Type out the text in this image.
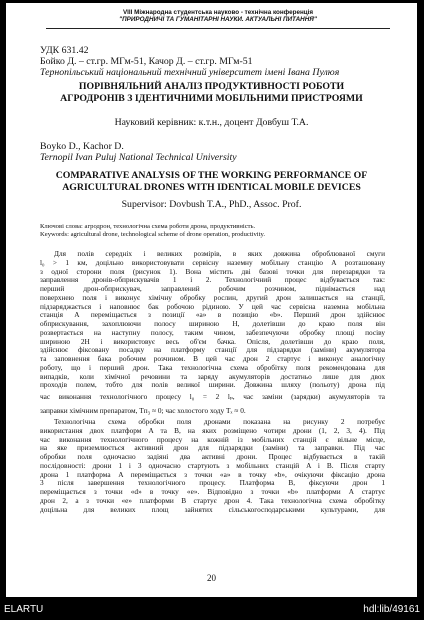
VIII Міжнародна студентська науково - технічна конференція
"ПРИРОДНИЧІ ТА ГУМАНІТАРНІ НАУКИ. АКТУАЛЬНІ ПИТАННЯ"
УДК 631.42
Бойко Д. – ст.гр. МГм-51, Качор Д. – ст.гр. МГм-51
Тернопільський національний технічний університет імені Івана Пулюя
ПОРІВНЯЛЬНИЙ АНАЛІЗ ПРОДУКТИВНОСТІ РОБОТИ
АГРОДРОНІВ З ІДЕНТИЧНИМИ МОБІЛЬНИМИ ПРИСТРОЯМИ
Науковий керівник: к.т.н., доцент Довбуш Т.А.
Boyko D., Kachor D.
Ternopil Ivan Puluj National Technical University
COMPARATIVE ANALYSIS OF THE WORKING PERFORMANCE OF
AGRICULTURAL DRONES WITH IDENTICAL MOBILE DEVICES
Supervisor: Dovbush T.A., PhD., Assoc. Prof.
Ключові слова: агродрон, технологічна схема роботи дрона, продуктивність.
Keywords: agricultural drone, technological scheme of drone operation, productivity.
Для полів середніх і великих розмірів, в яких довжина оброблюваної смуги
l₀ > 1 км, доцільно використовувати сервісну наземну мобільну станцію А розташовану
з одної сторони поля (рисунок 1). Вона містить дві базові точки для перезарядки та
заправлення дронів-обприскувачів 1 і 2. Технологічний процес відбувається так:
перший дрон-обприскувач, заправлений робочим розчином, піднімається над
поверхнею поля і виконує хімічну обробку рослин, другий дрон залишається на станції,
підзаряджається і наповнює бак робочою рідиною. У цей час сервісна наземна мобільна
станція А переміщається з позиції «a» в позицію «b». Перший дрон здійснює
обприскування, захоплюючи полосу шириною H, долетівши до краю поля він
розвертається на наступну полосу, таким чином, забезпечуючи обробку площі посіву
шириною 2H і використовує весь об'єм бачка. Опісля, долетівши до краю поля,
здійснює фіксовану посадку на платформу станції для підзарядки (заміни) акумулятора
та заповнення бака робочим розчином. В цей час дрон 2 стартує і виконує аналогічну
роботу, що і перший дрон. Така технологічна схема обробітку поля рекомендована для
випадків, коли хімічної речовини та заряду акумуляторів достатньо лише для двох
проходів полем, тобто для полів великої ширини. Довжина шляху (польоту) дрона під
час виконання технологічного процесу l₀ = 2 lₚ, час заміни (зарядки) акумуляторів та
заправки хімічним препаратом, Tᴨ₃ ≈ 0; час холостого ходу Tₓ ≈ 0.
Технологічна схема обробки поля дронами показана на рисунку 2 потребує
використання двох платформ A та B, на яких розміщено чотири дрони (1, 2, 3, 4). Під
час виконання технологічного процесу на кожній із мобільних станцій є вільне місце,
на яке приземлюється активний дрон для підзарядки (заміни) та заправки. Під час
обробки поля одночасно задіяні два активні дрони. Процес відбувається в такій
послідовності: дрони 1 і 3 одночасно стартують з мобільних станцій A і B. Після старту
дрона 1 платформа A переміщається з точки «a» в точку «b», очікуючи фіксацію дрона
3 після завершення технологічного процесу. Платформа B, фіксуючи дрон 1
переміщається з точки «d» в точку «e». Відповідно з точки «b» платформи A стартує
дрон 2, а з точки «e» платформи B стартує дрон 4. Така технологічна схема обробітку
доцільна для великих площ зайнятих сільськогосподарськими культурами, для
20
ELARTU	hdl:lib/49161
